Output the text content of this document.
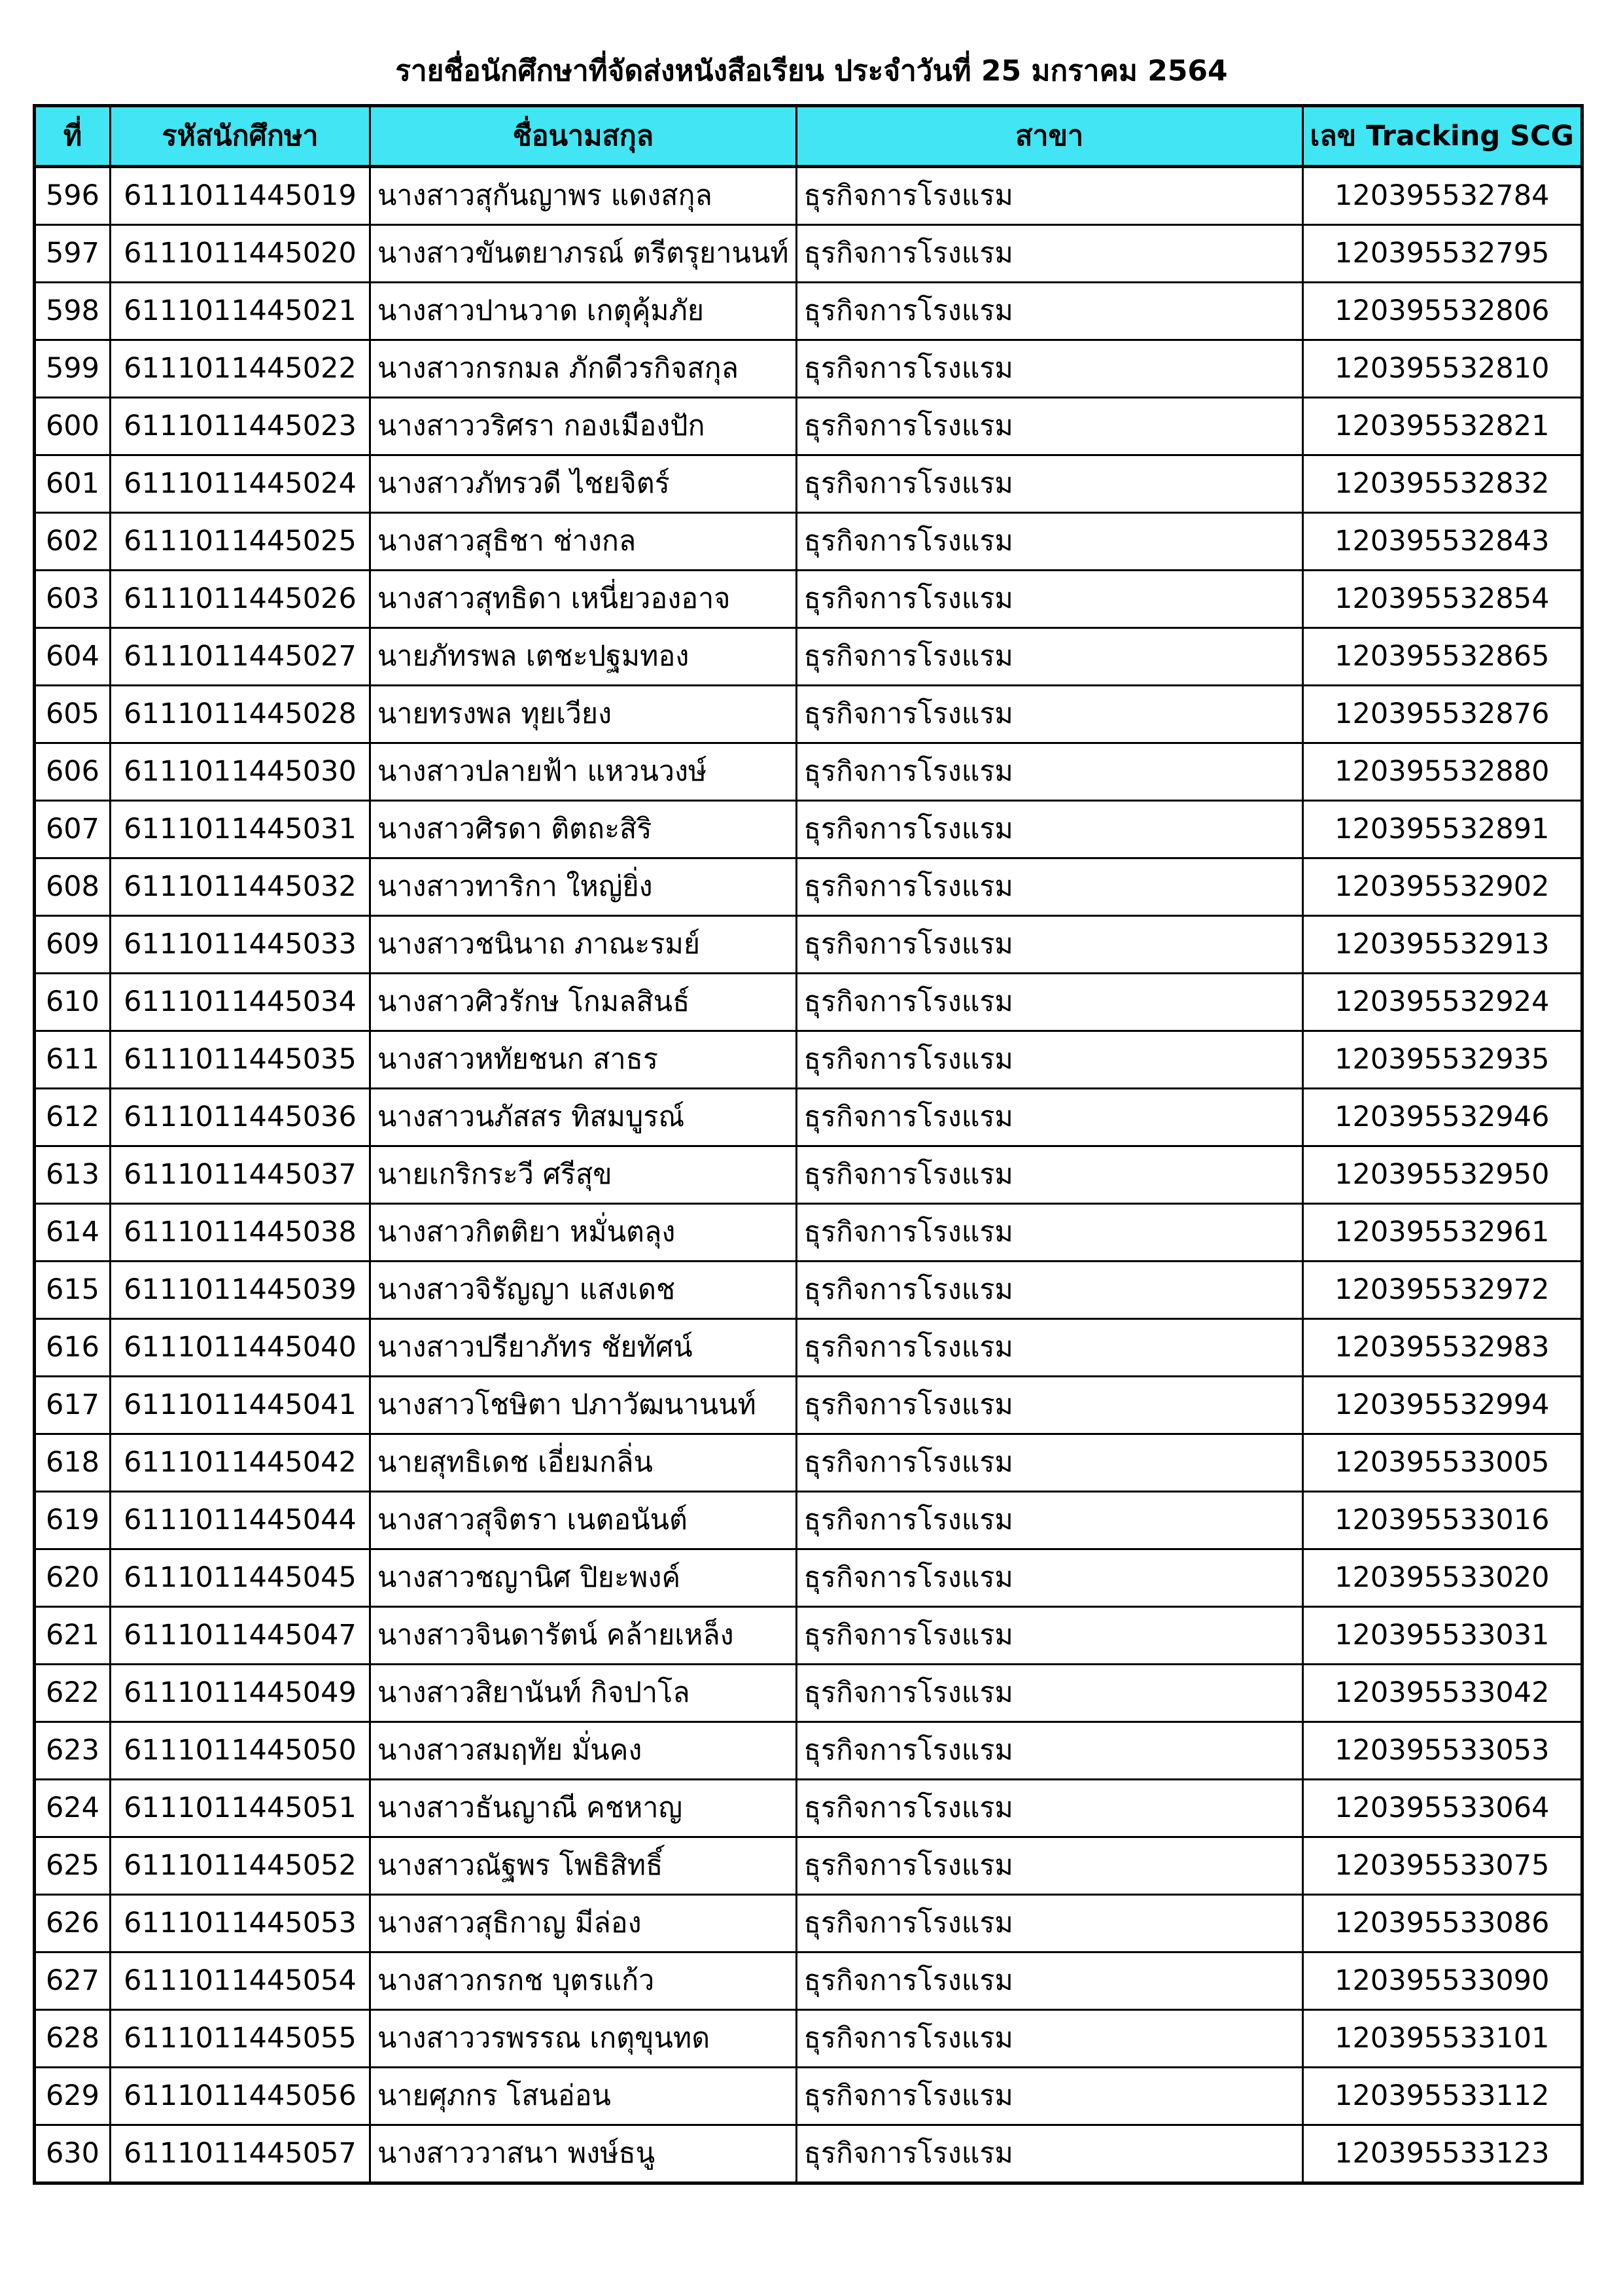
รายชื่อนักศึกษาที่จัดส่งหนังสือเรียน ประจำวันที่ 25 มกราคม 2564
ที่	รหัสนักศึกษา	ชื่อนามสกุล	สาขา	เลข Tracking SCG
596	6111011445019	นางสาวสุกันญาพร แดงสกุล	ธุรกิจการโรงแรม	120395532784
597	6111011445020	นางสาวขันตยาภรณ์ ตรีตรุยานนท์	ธุรกิจการโรงแรม	120395532795
598	6111011445021	นางสาวปานวาด เกตุคุ้มภัย	ธุรกิจการโรงแรม	120395532806
599	6111011445022	นางสาวกรกมล ภักดีวรกิจสกุล	ธุรกิจการโรงแรม	120395532810
600	6111011445023	นางสาววริศรา กองเมืองปัก	ธุรกิจการโรงแรม	120395532821
601	6111011445024	นางสาวภัทรวดี ไชยจิตร์	ธุรกิจการโรงแรม	120395532832
602	6111011445025	นางสาวสุธิชา ช่างกล	ธุรกิจการโรงแรม	120395532843
603	6111011445026	นางสาวสุทธิดา เหนี่ยวองอาจ	ธุรกิจการโรงแรม	120395532854
604	6111011445027	นายภัทรพล เตชะปฐมทอง	ธุรกิจการโรงแรม	120395532865
605	6111011445028	นายทรงพล ทุยเวียง	ธุรกิจการโรงแรม	120395532876
606	6111011445030	นางสาวปลายฟ้า แหวนวงษ์	ธุรกิจการโรงแรม	120395532880
607	6111011445031	นางสาวศิรดา ติตถะสิริ	ธุรกิจการโรงแรม	120395532891
608	6111011445032	นางสาวทาริกา ใหญ่ยิ่ง	ธุรกิจการโรงแรม	120395532902
609	6111011445033	นางสาวชนินาถ ภาณะรมย์	ธุรกิจการโรงแรม	120395532913
610	6111011445034	นางสาวศิวรักษ โกมลสินธ์	ธุรกิจการโรงแรม	120395532924
611	6111011445035	นางสาวหทัยชนก สาธร	ธุรกิจการโรงแรม	120395532935
612	6111011445036	นางสาวนภัสสร ทิสมบูรณ์	ธุรกิจการโรงแรม	120395532946
613	6111011445037	นายเกริกระวี ศรีสุข	ธุรกิจการโรงแรม	120395532950
614	6111011445038	นางสาวกิตติยา หมั่นตลุง	ธุรกิจการโรงแรม	120395532961
615	6111011445039	นางสาวจิรัญญา แสงเดช	ธุรกิจการโรงแรม	120395532972
616	6111011445040	นางสาวปรียาภัทร ชัยทัศน์	ธุรกิจการโรงแรม	120395532983
617	6111011445041	นางสาวโชษิตา ปภาวัฒนานนท์	ธุรกิจการโรงแรม	120395532994
618	6111011445042	นายสุทธิเดช เอี่ยมกลิ่น	ธุรกิจการโรงแรม	120395533005
619	6111011445044	นางสาวสุจิตรา เนตอนันต์	ธุรกิจการโรงแรม	120395533016
620	6111011445045	นางสาวชญานิศ ปิยะพงค์	ธุรกิจการโรงแรม	120395533020
621	6111011445047	นางสาวจินดารัตน์ คล้ายเหล็ง	ธุรกิจการโรงแรม	120395533031
622	6111011445049	นางสาวสิยานันท์ กิจปาโล	ธุรกิจการโรงแรม	120395533042
623	6111011445050	นางสาวสมฤทัย มั่นคง	ธุรกิจการโรงแรม	120395533053
624	6111011445051	นางสาวธันญาณี คชหาญ	ธุรกิจการโรงแรม	120395533064
625	6111011445052	นางสาวณัฐพร โพธิสิทธิ์	ธุรกิจการโรงแรม	120395533075
626	6111011445053	นางสาวสุธิกาญ มีล่อง	ธุรกิจการโรงแรม	120395533086
627	6111011445054	นางสาวกรกช บุตรแก้ว	ธุรกิจการโรงแรม	120395533090
628	6111011445055	นางสาววรพรรณ เกตุขุนทด	ธุรกิจการโรงแรม	120395533101
629	6111011445056	นายศุภกร โสนอ่อน	ธุรกิจการโรงแรม	120395533112
630	6111011445057	นางสาววาสนา พงษ์ธนู	ธุรกิจการโรงแรม	120395533123
